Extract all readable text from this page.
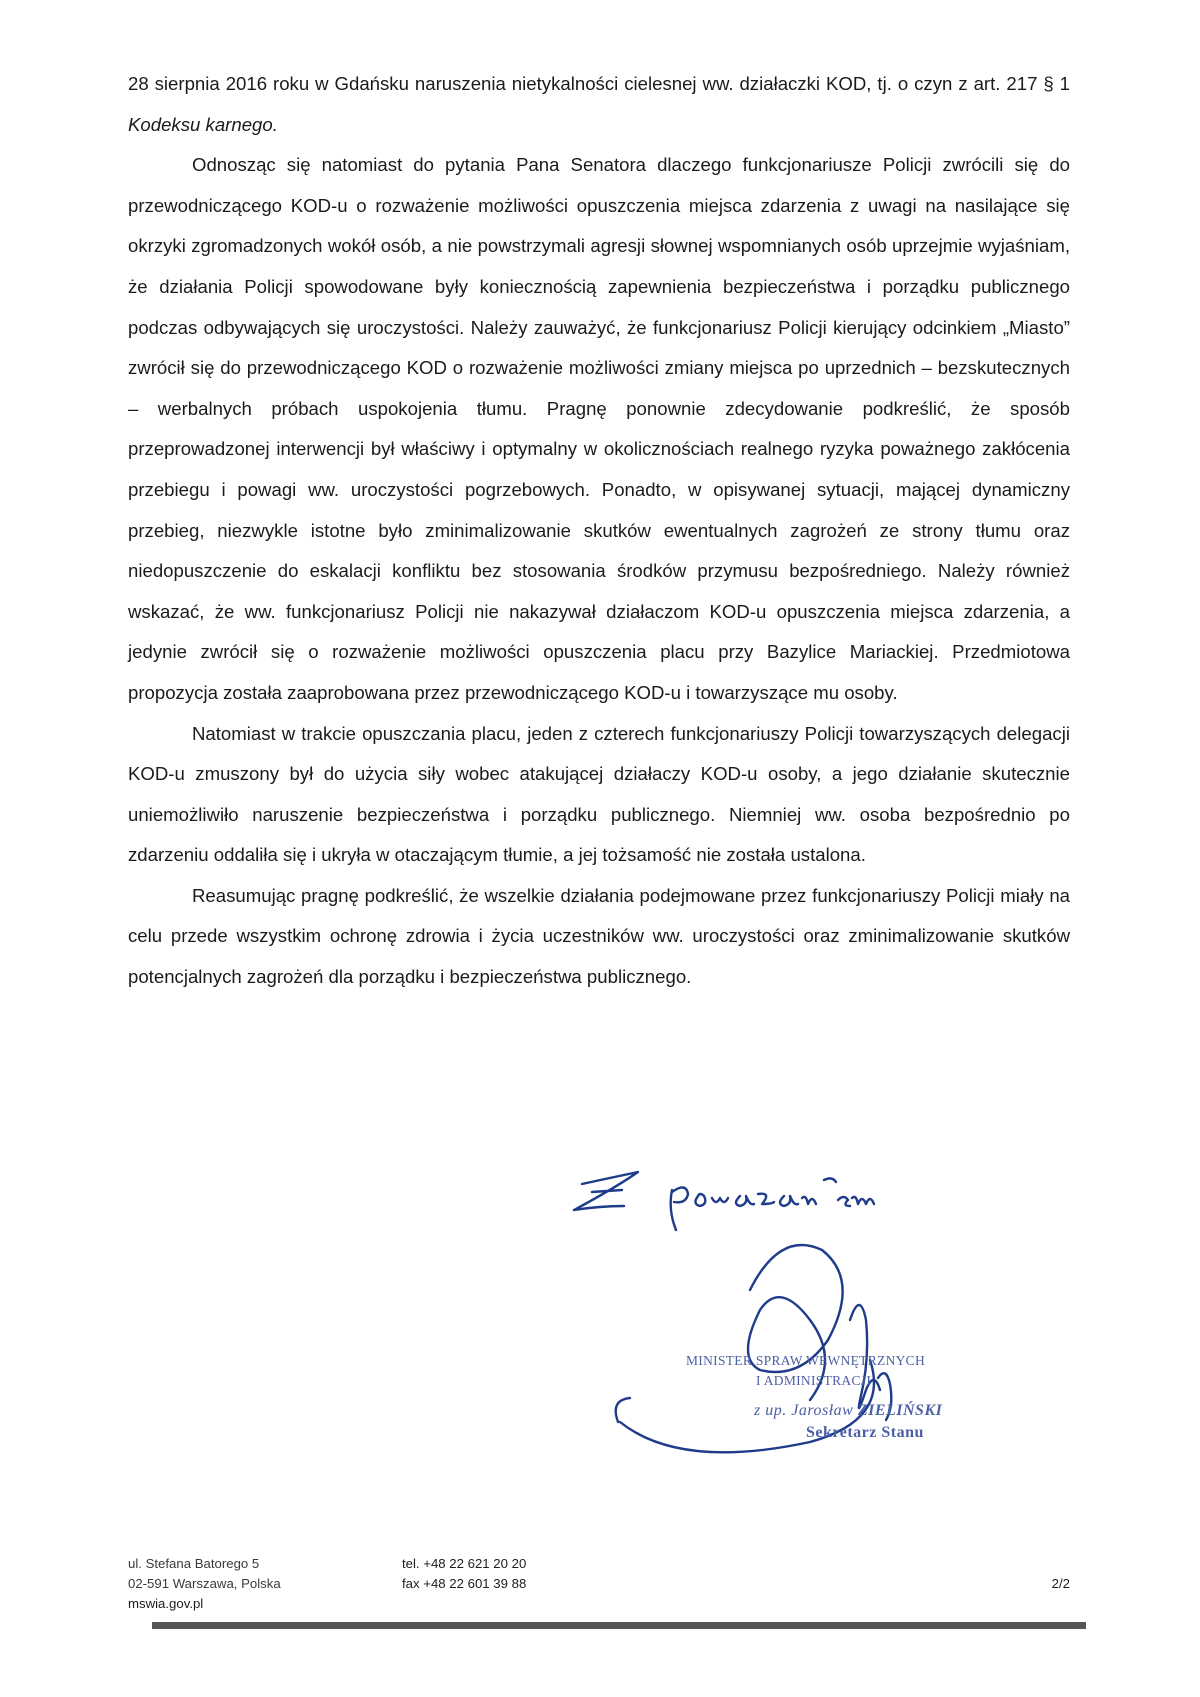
28 sierpnia 2016 roku w Gdańsku naruszenia nietykalności cielesnej ww. działaczki KOD, tj. o czyn z art. 217 § 1 Kodeksu karnego.

Odnosząc się natomiast do pytania Pana Senatora dlaczego funkcjonariusze Policji zwrócili się do przewodniczącego KOD-u o rozważenie możliwości opuszczenia miejsca zdarzenia z uwagi na nasilające się okrzyki zgromadzonych wokół osób, a nie powstrzymali agresji słownej wspomnianych osób uprzejmie wyjaśniam, że działania Policji spowodowane były koniecznością zapewnienia bezpieczeństwa i porządku publicznego podczas odbywających się uroczystości. Należy zauważyć, że funkcjonariusz Policji kierujący odcinkiem „Miasto” zwrócił się do przewodniczącego KOD o rozważenie możliwości zmiany miejsca po uprzednich – bezskutecznych – werbalnych próbach uspokojenia tłumu. Pragnę ponownie zdecydowanie podkreślić, że sposób przeprowadzonej interwencji był właściwy i optymalny w okolicznościach realnego ryzyka poważnego zakłócenia przebiegu i powagi ww. uroczystości pogrzebowych. Ponadto, w opisywanej sytuacji, mającej dynamiczny przebieg, niezwykle istotne było zminimalizowanie skutków ewentualnych zagrożeń ze strony tłumu oraz niedopuszczenie do eskalacji konfliktu bez stosowania środków przymusu bezpośredniego. Należy również wskazać, że ww. funkcjonariusz Policji nie nakazywał działaczom KOD-u opuszczenia miejsca zdarzenia, a jedynie zwrócił się o rozważenie możliwości opuszczenia placu przy Bazylice Mariackiej. Przedmiotowa propozycja została zaaprobowana przez przewodniczącego KOD-u i towarzyszące mu osoby.

Natomiast w trakcie opuszczania placu, jeden z czterech funkcjonariuszy Policji towarzyszących delegacji KOD-u zmuszony był do użycia siły wobec atakującej działaczy KOD-u osoby, a jego działanie skutecznie uniemożliwiło naruszenie bezpieczeństwa i porządku publicznego. Niemniej ww. osoba bezpośrednio po zdarzeniu oddaliła się i ukryła w otaczającym tłumie, a jej tożsamość nie została ustalona.

Reasumując pragnę podkreślić, że wszelkie działania podejmowane przez funkcjonariuszy Policji miały na celu przede wszystkim ochronę zdrowia i życia uczestników ww. uroczystości oraz zminimalizowanie skutków potencjalnych zagrożeń dla porządku i bezpieczeństwa publicznego.

MINISTER SPRAW WEWNĘTRZNYCH
I ADMINISTRACJI
z up. Jarosław ZIELIŃSKI
Sekretarz Stanu
ul. Stefana Batorego 5
02-591 Warszawa, Polska
mswia.gov.pl
tel. +48 22 621 20 20
fax +48 22 601 39 88	2/2
